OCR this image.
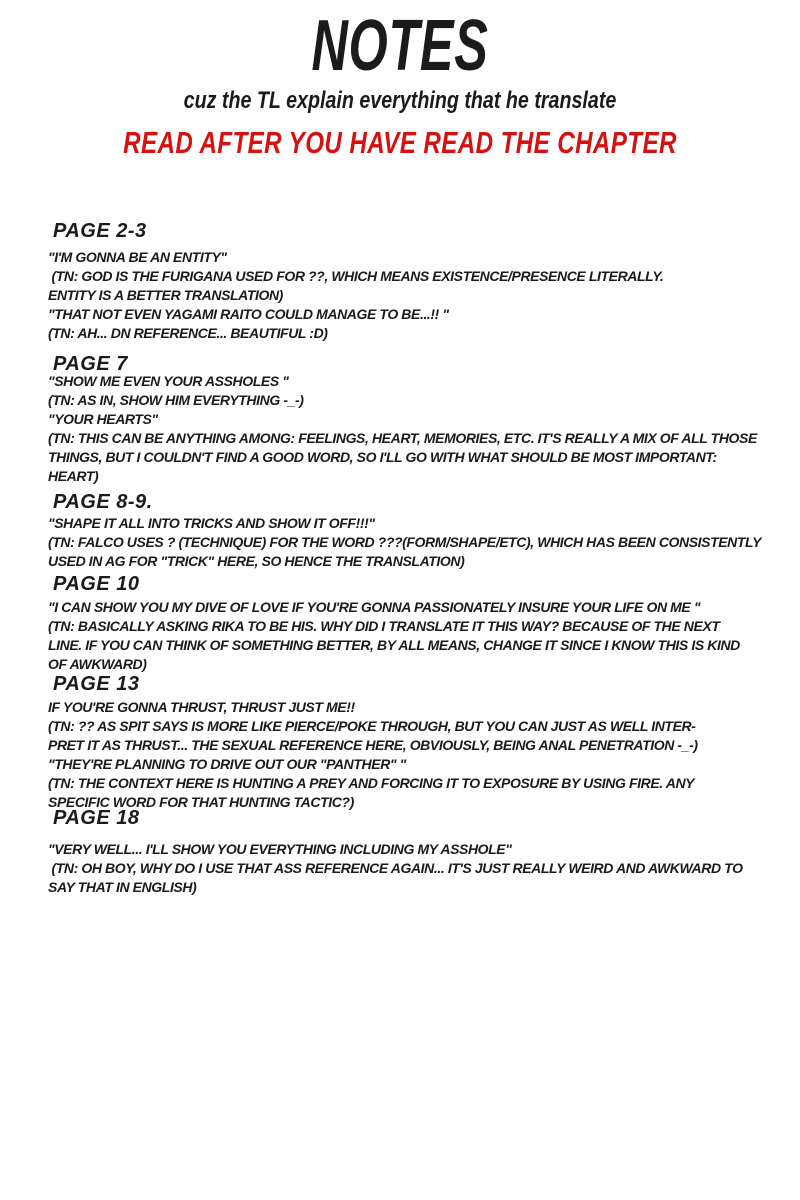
NOTES
cuz the TL explain everything that he translate
READ AFTER YOU HAVE READ THE CHAPTER
PAGE 2-3
"I'M GONNA BE AN ENTITY"
(TN: GOD IS THE FURIGANA USED FOR ??, WHICH MEANS EXISTENCE/PRESENCE LITERALLY.
ENTITY IS A BETTER TRANSLATION)
"THAT NOT EVEN YAGAMI RAITO COULD MANAGE TO BE...!! "
(TN: AH... DN REFERENCE... BEAUTIFUL :D)
PAGE 7
"SHOW ME EVEN YOUR ASSHOLES "
(TN: AS IN, SHOW HIM EVERYTHING -_-)
"YOUR HEARTS"
(TN: THIS CAN BE ANYTHING AMONG: FEELINGS, HEART, MEMORIES, ETC. IT'S REALLY A MIX OF ALL THOSE
THINGS, BUT I COULDN'T FIND A GOOD WORD, SO I'LL GO WITH WHAT SHOULD BE MOST IMPORTANT:
HEART)
PAGE 8-9.
"SHAPE IT ALL INTO TRICKS AND SHOW IT OFF!!!"
(TN: FALCO USES ? (TECHNIQUE) FOR THE WORD ???(FORM/SHAPE/ETC), WHICH HAS BEEN CONSISTENTLY
USED IN AG FOR "TRICK" HERE, SO HENCE THE TRANSLATION)
PAGE 10
"I CAN SHOW YOU MY DIVE OF LOVE IF YOU'RE GONNA PASSIONATELY INSURE YOUR LIFE ON ME "
(TN: BASICALLY ASKING RIKA TO BE HIS. WHY DID I TRANSLATE IT THIS WAY? BECAUSE OF THE NEXT
LINE. IF YOU CAN THINK OF SOMETHING BETTER, BY ALL MEANS, CHANGE IT SINCE I KNOW THIS IS KIND
OF AWKWARD)
PAGE 13
IF YOU'RE GONNA THRUST, THRUST JUST ME!!
(TN: ?? AS SPIT SAYS IS MORE LIKE PIERCE/POKE THROUGH, BUT YOU CAN JUST AS WELL INTER-
PRET IT AS THRUST... THE SEXUAL REFERENCE HERE, OBVIOUSLY, BEING ANAL PENETRATION -_-)
"THEY'RE PLANNING TO DRIVE OUT OUR "PANTHER" "
(TN: THE CONTEXT HERE IS HUNTING A PREY AND FORCING IT TO EXPOSURE BY USING FIRE. ANY
SPECIFIC WORD FOR THAT HUNTING TACTIC?)
PAGE 18
"VERY WELL... I'LL SHOW YOU EVERYTHING INCLUDING MY ASSHOLE"
(TN: OH BOY, WHY DO I USE THAT ASS REFERENCE AGAIN... IT'S JUST REALLY WEIRD AND AWKWARD TO
SAY THAT IN ENGLISH)
